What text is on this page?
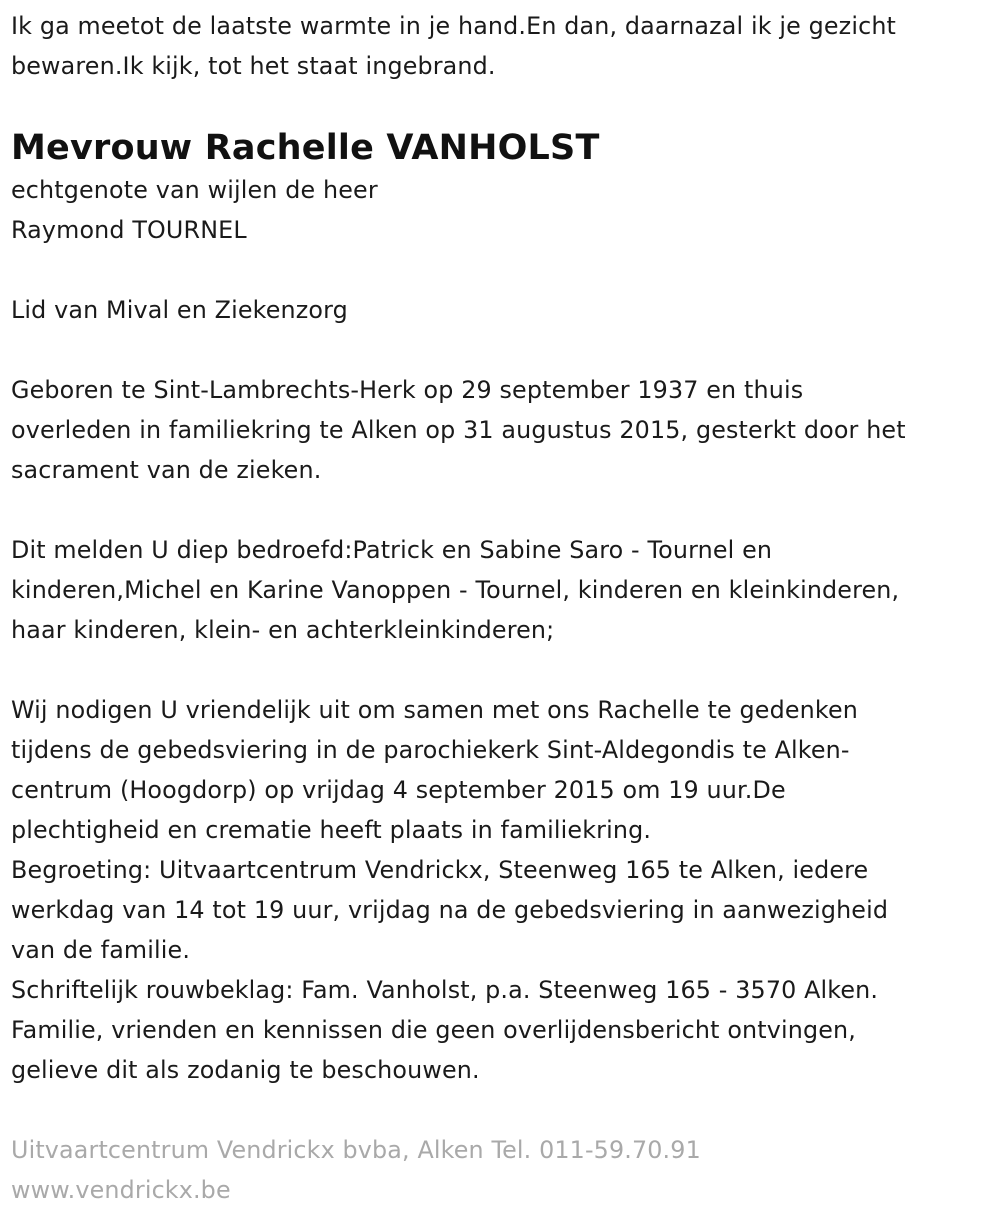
Ik ga meetot de laatste warmte in je hand.En dan, daarnazal ik je gezicht
bewaren.Ik kijk, tot het staat ingebrand.

Mevrouw Rachelle VANHOLST

echtgenote van wijlen de heer
Raymond TOURNEL

Lid van Mival en Ziekenzorg

Geboren te Sint-Lambrechts-Herk op 29 september 1937 en thuis
overleden in familiekring te Alken op 31 augustus 2015, gesterkt door het
sacrament van de zieken.

Dit melden U diep bedroefd:Patrick en Sabine Saro - Tournel en
kinderen,Michel en Karine Vanoppen - Tournel, kinderen en kleinkinderen,
haar kinderen, klein- en achterkleinkinderen;

Wij nodigen U vriendelijk uit om samen met ons Rachelle te gedenken
tijdens de gebedsviering in de parochiekerk Sint-Aldegondis te Alken-
centrum (Hoogdorp) op vrijdag 4 september 2015 om 19 uur.De
plechtigheid en crematie heeft plaats in familiekring.
Begroeting: Uitvaartcentrum Vendrickx, Steenweg 165 te Alken, iedere
werkdag van 14 tot 19 uur, vrijdag na de gebedsviering in aanwezigheid
van de familie.
Schriftelijk rouwbeklag: Fam. Vanholst, p.a. Steenweg 165 - 3570 Alken.
Familie, vrienden en kennissen die geen overlijdensbericht ontvingen,
gelieve dit als zodanig te beschouwen.

Uitvaartcentrum Vendrickx bvba, Alken Tel. 011-59.70.91
www.vendrickx.be
